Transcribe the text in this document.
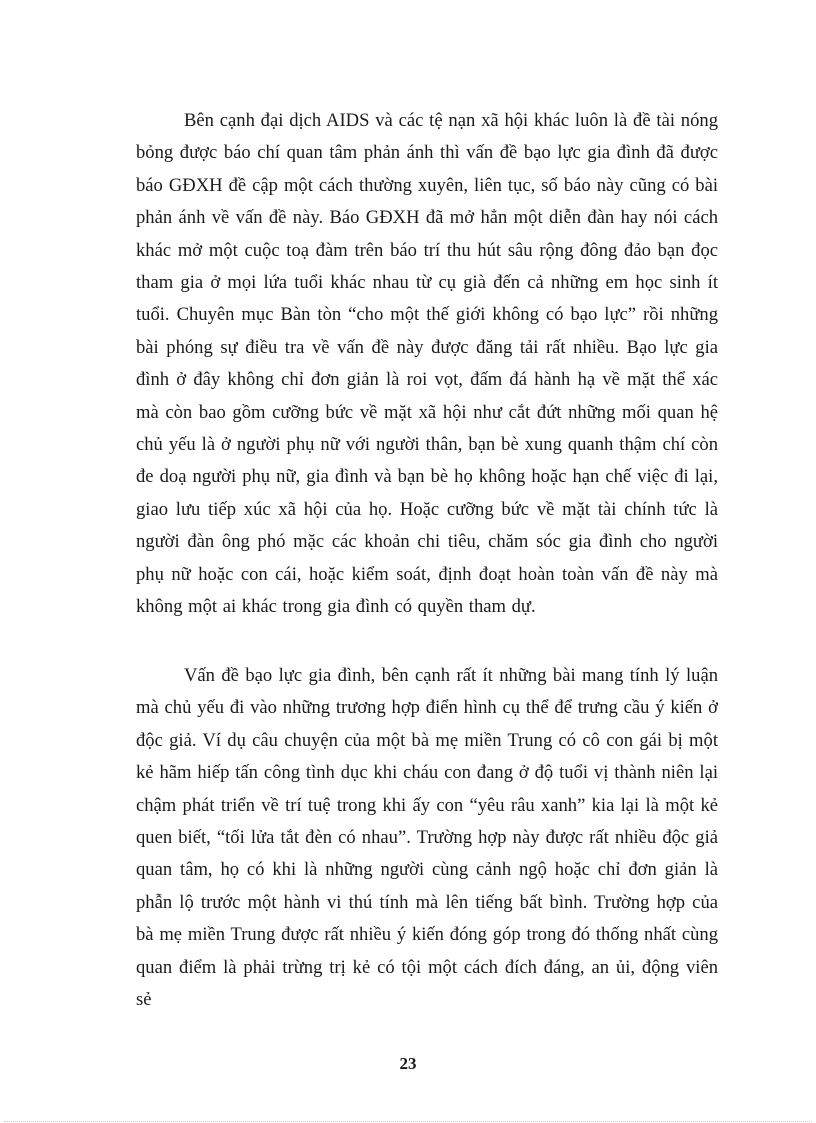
Bên cạnh đại dịch AIDS và các tệ nạn xã hội khác luôn là đề tài nóng bỏng được báo chí quan tâm phản ánh thì vấn đề bạo lực gia đình đã được báo GĐXH đề cập một cách thường xuyên, liên tục, số báo này cũng có bài phản ánh về vấn đề này. Báo GĐXH đã mở hẳn một diễn đàn hay nói cách khác mở một cuộc toạ đàm trên báo trí thu hút sâu rộng đông đảo bạn đọc tham gia ở mọi lứa tuổi khác nhau từ cụ già đến cả những em học sinh ít tuổi. Chuyên mục Bàn tòn “cho một thế giới không có bạo lực” rồi những bài phóng sự điều tra về vấn đề này được đăng tải rất nhiều. Bạo lực gia đình ở đây không chỉ đơn giản là roi vọt, đấm đá hành hạ về mặt thể xác mà còn bao gồm cưỡng bức về mặt xã hội như cắt đứt những mối quan hệ chủ yếu là ở người phụ nữ với người thân, bạn bè xung quanh thậm chí còn đe doạ người phụ nữ, gia đình và bạn bè họ không hoặc hạn chế việc đi lại, giao lưu tiếp xúc xã hội của họ. Hoặc cưỡng bức về mặt tài chính tức là người đàn ông phó mặc các khoản chi tiêu, chăm sóc gia đình cho người phụ nữ hoặc con cái, hoặc kiểm soát, định đoạt hoàn toàn vấn đề này mà không một ai khác trong gia đình có quyền tham dự.

Vấn đề bạo lực gia đình, bên cạnh rất ít những bài mang tính lý luận mà chủ yếu đi vào những trương hợp điển hình cụ thể để trưng cầu ý kiến ở độc giả. Ví dụ câu chuyện của một bà mẹ miền Trung có cô con gái bị một kẻ hãm hiếp tấn công tình dục khi cháu con đang ở độ tuổi vị thành niên lại chậm phát triển về trí tuệ trong khi ấy con “yêu râu xanh” kia lại là một kẻ quen biết, “tối lửa tắt đèn có nhau”. Trường hợp này được rất nhiều độc giả quan tâm, họ có khi là những người cùng cảnh ngộ hoặc chỉ đơn giản là phẫn lộ trước một hành vi thú tính mà lên tiếng bất bình. Trường hợp của bà mẹ miền Trung được rất nhiều ý kiến đóng góp trong đó thống nhất cùng quan điểm là phải trừng trị kẻ có tội một cách đích đáng, an ủi, động viên sẻ

23
